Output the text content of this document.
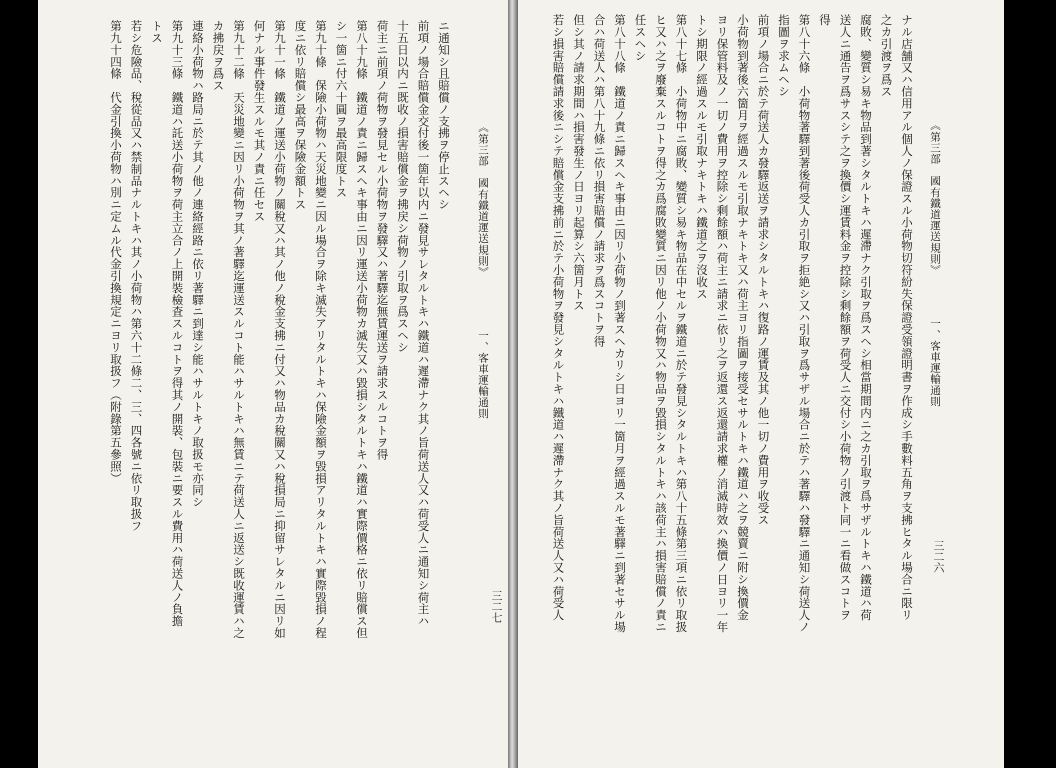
《第三部　國有鐵道運送規則》
一、客車運輸通則
三二七
ニ通知シ且賠償ノ支拂ヲ停止スヘシ
前項ノ場合賠償金交付後一箇年以内ニ發見サレタルトキハ鐵道ハ遲滯ナク其ノ旨荷送人又ハ荷受人ニ通知シ荷主ハ
十五日以内ニ既收ノ損害賠償金ヲ拂戻シ荷物ノ引取ヲ爲スヘシ
荷主ニ前項ノ荷物ヲ發見セル小荷物ヲ發驛又ハ著驛迄無賃運送ヲ請求スルコトヲ得
第八十九條　鐵道ノ責ニ歸スヘキ事由ニ因リ運送小荷物カ滅失又ハ毀損シタルトキハ鐵道ハ實際價格ニ依リ賠償ス但
シ一箇ニ付六十圓ヲ最高限度トス
第九十條　保險小荷物ハ天災地變ニ因ル場合ヲ除キ滅失アリタルトキハ保險金額ヲ毀損アリタルトキハ實際毀損ノ程
度ニ依リ賠償シ最高ヲ保險金額トス
第九十一條　鐵道ノ運送小荷物ノ關稅又ハ其ノ他ノ稅金支拂ニ付又ハ物品カ稅關又ハ稅損局ニ抑留サレタルニ因リ如
何ナル事件發生スルモ其ノ責ニ任セス
第九十二條　天災地變ニ因リ小荷物ヲ其ノ著驛迄運送スルコト能ハサルトキハ無賃ニテ荷送人ニ返送シ既收運賃ハ之
カ拂戻ヲ爲ス
連絡小荷物ハ路局ニ於テ其ノ他ノ連絡經路ニ依リ著驛ニ到達シ能ハサルトキノ取扱モ亦同シ
第九十三條　鐵道ハ託送小荷物ヲ荷主立合ノ上開裝檢査スルコトヲ得其ノ開裝、包裝ニ要スル費用ハ荷送人ノ負擔
トス
若シ危險品、稅從品又ハ禁制品ナルトキハ其ノ小荷物ハ第六十二條二、三、四各號ニ依リ取扱フ
第九十四條　代金引換小荷物ハ別ニ定ムル代金引換規定ニヨリ取扱フ（附錄第五參照）	《第三部　國有鐵道運送規則》
一、客車運輸通則
三二六
ナル店舗又ハ信用アル個人ノ保證スル小荷物切符紛失保證受領證明書ヲ作成シ手數料五角ヲ支拂ヒタル場合ニ限リ
之カ引渡ヲ爲ス
腐敗、變質シ易キ物品到著シタルトキハ遲滯ナク引取ヲ爲スヘシ相當期間内ニ之カ引取ヲ爲サザルトキハ鐵道ハ荷
送人ニ通告ヲ爲サスシテ之ヲ換價シ運賃料金ヲ控除シ剩餘額ヲ荷受人ニ交付シ小荷物ノ引渡ト同一ニ看做スコトヲ
得
第八十六條　小荷物著驛到著後荷受人カ引取ヲ拒絶シ又ハ引取ヲ爲サザル場合ニ於テハ著驛ハ發驛ニ通知シ荷送人ノ
指圖ヲ求ムヘシ
前項ノ場合ニ於テ荷送人カ發驛返送ヲ請求シタルトキハ復路ノ運賃及其ノ他一切ノ費用ヲ收受ス
小荷物到著後六箇月ヲ經過スルモ引取ナキトキ又ハ荷主ヨリ指圖ヲ接受セサルトキハ鐵道ハ之ヲ競賣ニ附シ換價金
ヨリ保管料及ノ一切ノ費用ヲ控除シ剩餘額ハ荷主ニ請求ニ依リ之ヲ返還ス返還請求權ノ消滅時效ハ換價ノ日ヨリ一年
トシ期限ノ經過スルモ引取ナキトキハ鐵道之ヲ沒收ス
第八十七條　小荷物中ニ腐敗、變質シ易キ物品在中セルヲ鐵道ニ於テ發見シタルトキハ第八十五條第三項ニ依リ取扱
ヒ又ハ之ヲ廢棄スルコトヲ得之カ爲腐敗變質ニ因リ他ノ小荷物又ハ物品ヲ毀損シタルトキハ該荷主ハ損害賠償ノ責ニ
任スヘシ
第八十八條　鐵道ノ責ニ歸スヘキ事由ニ因リ小荷物ノ到著スヘカリシ日ヨリ一箇月ヲ經過スルモ著驛ニ到著セサル場
合ハ荷送人ハ第八十九條ニ依リ損害賠償ノ請求ヲ爲スコトヲ得
但シ其ノ請求期間ハ損害發生ノ日ヨリ起算シ六箇月トス
若シ損害賠償請求後ニシテ賠償金支拂前ニ於テ小荷物ヲ發見シタルトキハ鐵道ハ遲滯ナク其ノ旨荷送人又ハ荷受人
